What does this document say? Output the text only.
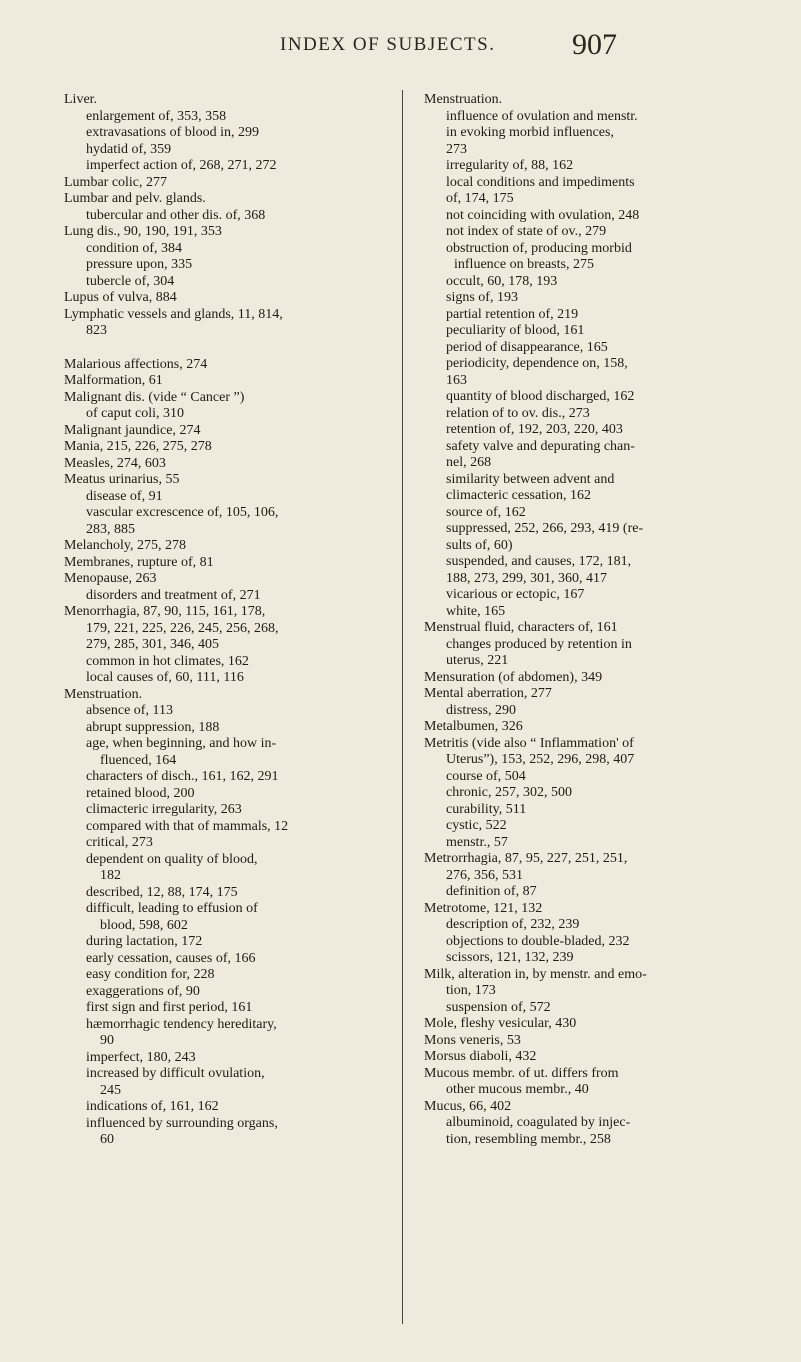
INDEX OF SUBJECTS.	907
Liver.
enlargement of, 353, 358
extravasations of blood in, 299
hydatid of, 359
imperfect action of, 268, 271, 272
Lumbar colic, 277
Lumbar and pelv. glands.
tubercular and other dis. of, 368
Lung dis., 90, 190, 191, 353
condition of, 384
pressure upon, 335
tubercle of, 304
Lupus of vulva, 884
Lymphatic vessels and glands, 11, 814,
823
Malarious affections, 274
Malformation, 61
Malignant dis. (vide “ Cancer ”)
of caput coli, 310
Malignant jaundice, 274
Mania, 215, 226, 275, 278
Measles, 274, 603
Meatus urinarius, 55
disease of, 91
vascular excrescence of, 105, 106,
283, 885
Melancholy, 275, 278
Membranes, rupture of, 81
Menopause, 263
disorders and treatment of, 271
Menorrhagia, 87, 90, 115, 161, 178,
179, 221, 225, 226, 245, 256, 268,
279, 285, 301, 346, 405
common in hot climates, 162
local causes of, 60, 111, 116
Menstruation.
absence of, 113
abrupt suppression, 188
age, when beginning, and how in-
fluenced, 164
characters of disch., 161, 162, 291
retained blood, 200
climacteric irregularity, 263
compared with that of mammals, 12
critical, 273
dependent on quality of blood,
182
described, 12, 88, 174, 175
difficult, leading to effusion of
blood, 598, 602
during lactation, 172
early cessation, causes of, 166
easy condition for, 228
exaggerations of, 90
first sign and first period, 161
hæmorrhagic tendency hereditary,
90
imperfect, 180, 243
increased by difficult ovulation,
245
indications of, 161, 162
influenced by surrounding organs,
60
Menstruation.
influence of ovulation and menstr.
in evoking morbid influences,
273
irregularity of, 88, 162
local conditions and impediments
of, 174, 175
not coinciding with ovulation, 248
not index of state of ov., 279
obstruction of, producing morbid
influence on breasts, 275
occult, 60, 178, 193
signs of, 193
partial retention of, 219
peculiarity of blood, 161
period of disappearance, 165
periodicity, dependence on, 158,
163
quantity of blood discharged, 162
relation of to ov. dis., 273
retention of, 192, 203, 220, 403
safety valve and depurating chan-
nel, 268
similarity between advent and
climacteric cessation, 162
source of, 162
suppressed, 252, 266, 293, 419 (re-
sults of, 60)
suspended, and causes, 172, 181,
188, 273, 299, 301, 360, 417
vicarious or ectopic, 167
white, 165
Menstrual fluid, characters of, 161
changes produced by retention in
uterus, 221
Mensuration (of abdomen), 349
Mental aberration, 277
distress, 290
Metalbumen, 326
Metritis (vide also “ Inflammation' of
Uterus”), 153, 252, 296, 298, 407
course of, 504
chronic, 257, 302, 500
curability, 511
cystic, 522
menstr., 57
Metrorrhagia, 87, 95, 227, 251, 251,
276, 356, 531
definition of, 87
Metrotome, 121, 132
description of, 232, 239
objections to double-bladed, 232
scissors, 121, 132, 239
Milk, alteration in, by menstr. and emo-
tion, 173
suspension of, 572
Mole, fleshy vesicular, 430
Mons veneris, 53
Morsus diaboli, 432
Mucous membr. of ut. differs from
other mucous membr., 40
Mucus, 66, 402
albuminoid, coagulated by injec-
tion, resembling membr., 258
